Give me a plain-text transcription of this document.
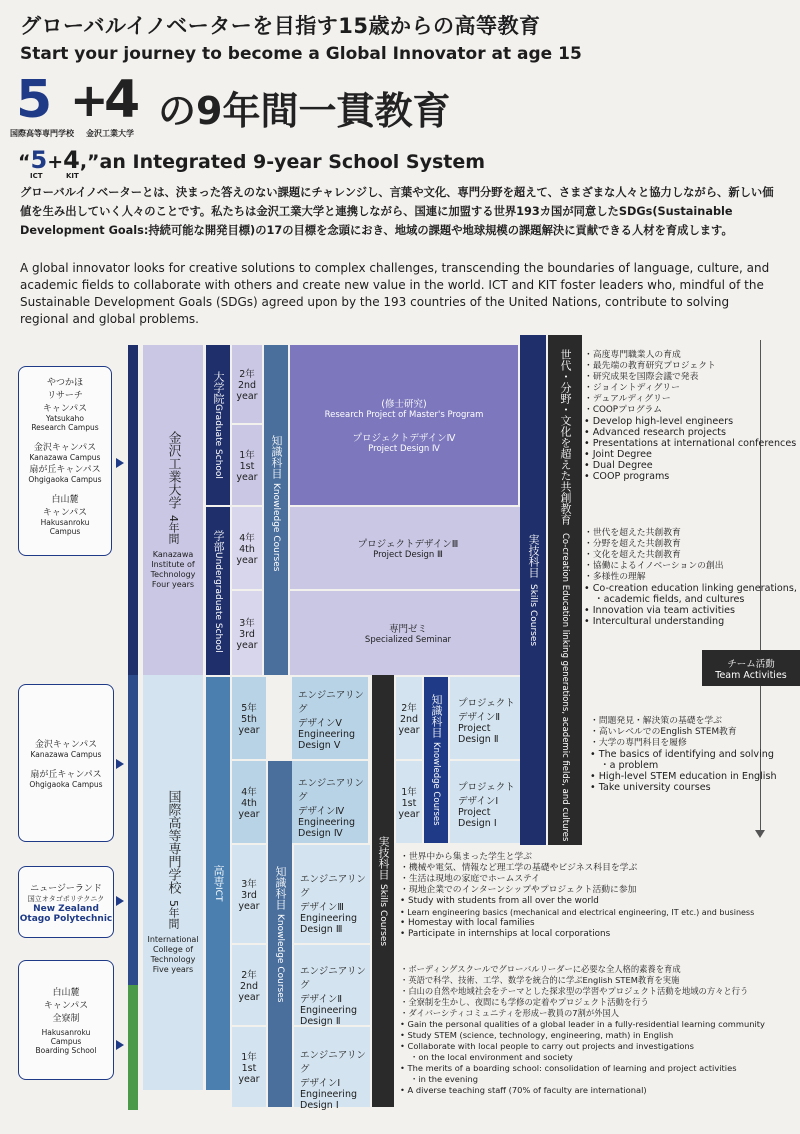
グローバルイノベーターを目指す15歳からの高等教育
Start your journey to become a Global Innovator at age 15
5 +
4 の9年間一貫教育
国際高等専門学校 金沢工業大学
“5+4,”an Integrated 9-year School System
ICT	KIT
グローバルイノベーターとは、決まった答えのない課題にチャレンジし、言葉や文化、専門分野を超えて、さまざまな人々と協力しながら、新しい価値を生み出していく人々のことです。私たちは金沢工業大学と連携しながら、国連に加盟する世界193カ国が同意したSDGs(Sustainable Development Goals:持続可能な開発目標)の17の目標を念頭におき、地域の課題や地球規模の課題解決に貢献できる人材を育成します。
A global innovator looks for creative solutions to complex challenges, transcending the boundaries of language, culture, and academic fields to collaborate with others and create new value in the world. ICT and KIT foster leaders who, mindful of the Sustainable Development Goals (SDGs) agreed upon by the 193 countries of the United Nations, contribute to solving regional and global problems.
やつかほ
リサーチ
キャンパス
Yatsukaho
Research Campus
金沢キャンパス
Kanazawa Campus
扇が丘キャンパス
Ohgigaoka Campus
白山麓
キャンパス
Hakusanroku
Campus
金沢キャンパス
Kanazawa Campus
扇が丘キャンパス
Ohgigaoka Campus
ニュージーランド
国立オタゴポリテクニク
New Zealand
Otago Polytechnic
白山麓
キャンパス
全寮制
Hakusanroku
Campus
Boarding School
金沢工業大学
4年間
Kanazawa
Institute of
Technology
Four years
国際高等専門学校
5年間
International
College of
Technology
Five years
大学院
Graduate School
学部
Undergraduate School
高専
ICT
2年
2nd
year
1年
1st
year
4年
4th
year
3年
3rd
year
5年
5th
year
4年
4th
year
3年
3rd
year
2年
2nd
year
1年
1st
year
知識科目
Knowledge Courses
知識科目
Knowledge Courses
(修士研究)
Research Project of Master's Program
プロジェクトデザインⅣ
Project Design Ⅳ
プロジェクトデザインⅢ
Project Design Ⅲ
専門ゼミ
Specialized Seminar
エンジニアリング
デザインⅤ
Engineering
Design Ⅴ
エンジニアリング
デザインⅣ
Engineering
Design Ⅳ
エンジニアリング
デザインⅢ
Engineering
Design Ⅲ
エンジニアリング
デザインⅡ
Engineering
Design Ⅱ
エンジニアリング
デザインⅠ
Engineering
Design Ⅰ
実技科目
Skills Courses
2年
2nd
year
1年
1st
year
知識科目
Knowledge Courses
プロジェクト
デザインⅡ
Project
Design Ⅱ
プロジェクト
デザインⅠ
Project
Design Ⅰ
実技科目
Skills Courses
世代・分野・文化を超えた共創教育
Co-creation Education linking generations, academic fields, and cultures	チーム活動
Team Activities
・ 高度専門職業人の育成
・ 最先端の教育研究プロジェクト
・ 研究成果を国際会議で発表
・ ジョイントディグリー
・ デュアルディグリー
・ COOPプログラム
• Develop high-level engineers
• Advanced research projects
• Presentations at international conferences
• Joint Degree
• Dual Degree
• COOP programs
・ 世代を超えた共創教育
・ 分野を超えた共創教育
・ 文化を超えた共創教育
・ 協働によるイノベーションの創出
・ 多様性の理解
• Co-creation education linking generations,
・ academic fields, and cultures
• Innovation via team activities
• Intercultural understanding
・ 問題発見・解決策の基礎を学ぶ
・ 高いレベルでのEnglish STEM教育
・ 大学の専門科目を履修
• The basics of identifying and solving
・ a problem
• High-level STEM education in English
• Take university courses
・ 世界中から集まった学生と学ぶ
・ 機械や電気、情報など理工学の基礎やビジネス科目を学ぶ
・ 生活は現地の家庭でホームステイ
・ 現地企業でのインターンシップやプロジェクト活動に参加
• Study with students from all over the world
• Learn engineering basics (mechanical and electrical engineering, IT etc.) and business
• Homestay with local families
• Participate in internships at local corporations
・ ボーディングスクールでグローバルリーダーに必要な全人格的素養を育成
・ 英語で科学、技術、工学、数学を統合的に学ぶEnglish STEM教育を実施
・ 白山の自然や地域社会をテーマとした探求型の学習やプロジェクト活動を地域の方々と行う
・ 全寮制を生かし、夜間にも学修の定着やプロジェクト活動を行う
・ ダイバーシティコミュニティを形成ー教員の7割が外国人
• Gain the personal qualities of a global leader in a fully-residential learning community
• Study STEM (science, technology, engineering, math) in English
• Collaborate with local people to carry out projects and investigations
・ on the local environment and society
• The merits of a boarding school: consolidation of learning and project activities
・ in the evening
• A diverse teaching staff (70% of faculty are international)
